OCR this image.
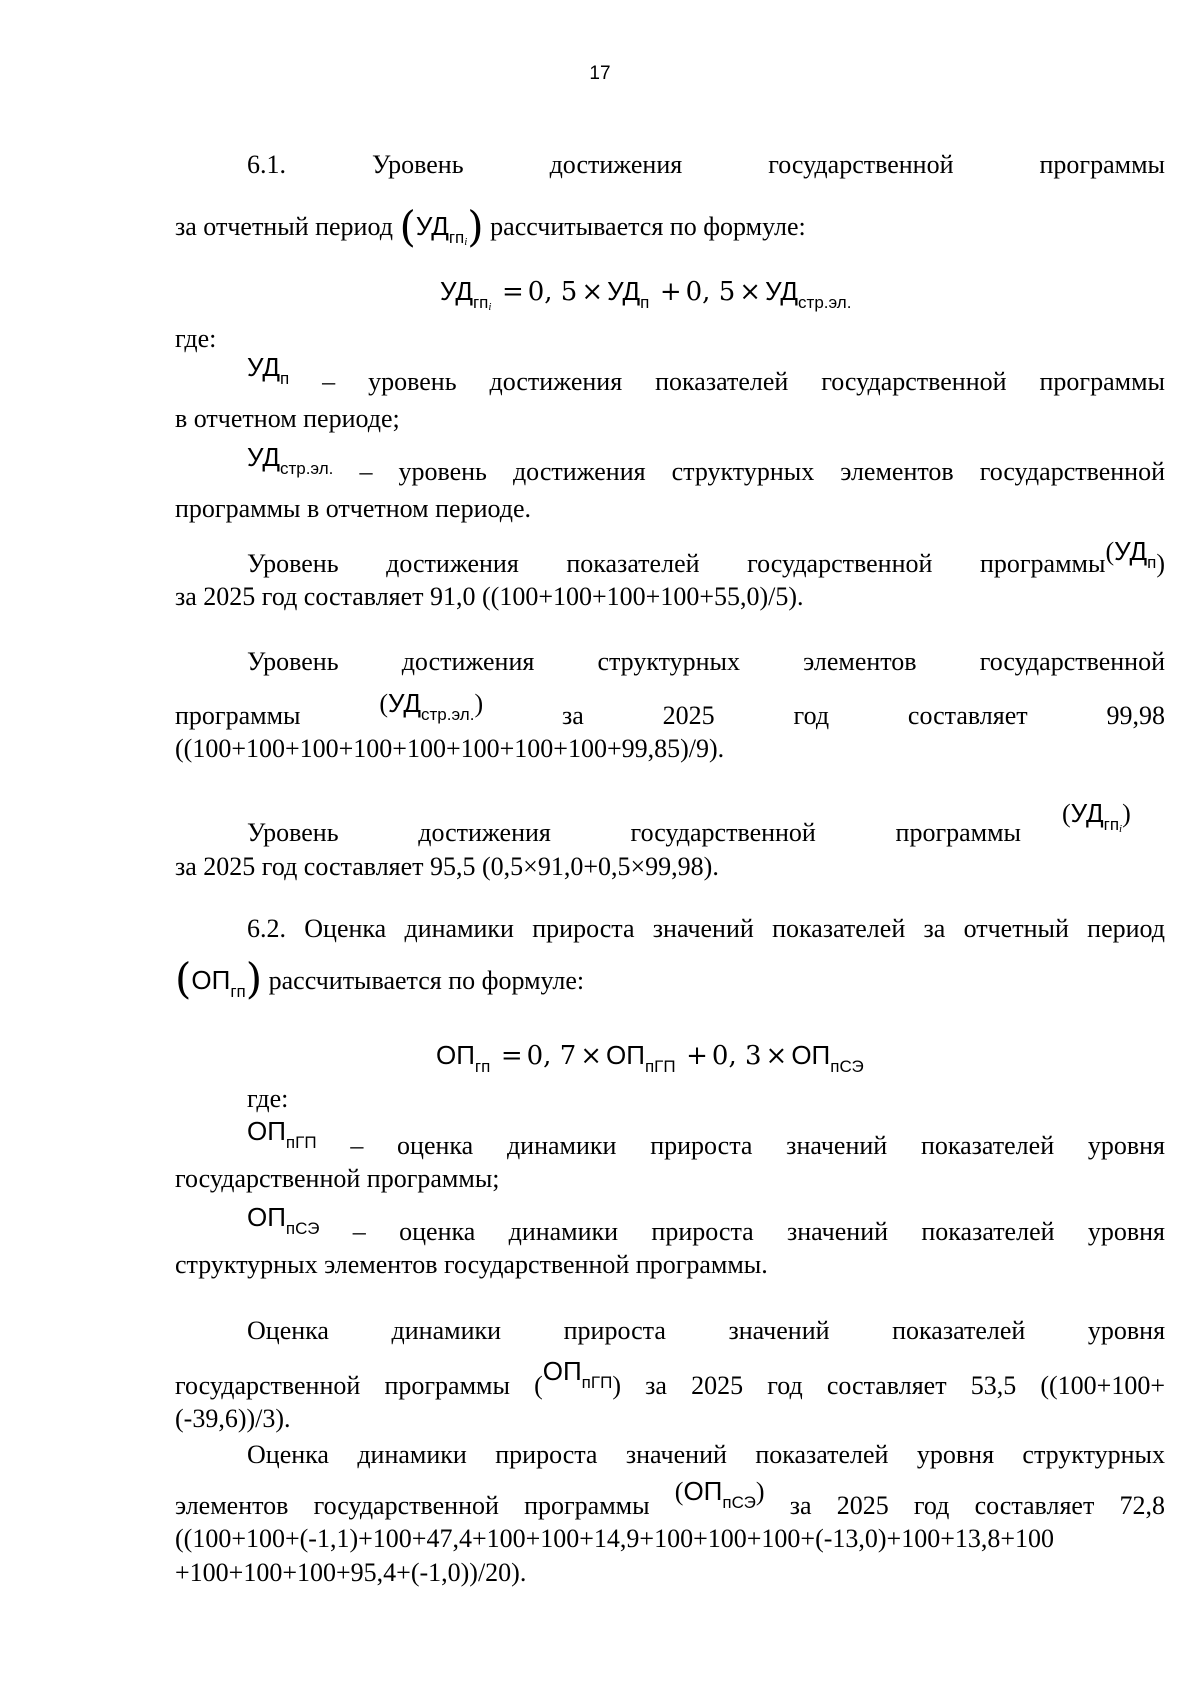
17
6.1. Уровень	достижения	государственной	программы
за отчетный период $(УД_{гпi})$ рассчитывается по формуле:
$УД_{гпi} = 0$, $5 \times УД_п + 0$, $5 \times УД_{стр.эл.}$
где:
$УД_п$ – уровень достижения показателей государственной программы
в отчетном периоде;
$УД_{стр.эл.}$ – уровень достижения структурных элементов государственной
программы в отчетном периоде.
Уровень достижения показателей государственной $программы(УД_п)$
за 2025 год составляет 91,0 ((100+100+100+100+55,0)/5).
Уровень достижения структурных элементов государственной
программы	$(УД_{стр.эл.})$	за	2025	год	составляет	99,98
((100+100+100+100+100+100+100+100+99,85)/9).
Уровень	достижения	государственной	программы
$(УД_{гпi})$
за 2025 год составляет 95,5 (0,5×91,0+0,5×99,98).
6.2. Оценка динамики прироста значений показателей за отчетный период
$(ОП_{гп})$ рассчитывается по формуле:
$ОП_{гп} = 0$, $7 \times ОП_{пГП} + 0$, $3 \times ОП_{пСЭ}$
где:
$ОП_{пГП}$ – оценка динамики прироста значений показателей уровня
государственной программы;
$ОП_{пСЭ}$ – оценка динамики прироста значений показателей уровня
структурных элементов государственной программы.
Оценка динамики прироста значений показателей уровня
государственной программы $(ОП_{пГП})$ за 2025 год составляет 53,5 ((100+100+
(-39,6))/3).
Оценка динамики прироста значений показателей уровня структурных
элементов государственной программы $(ОП_{пСЭ})$ за 2025 год составляет 72,8
((100+100+(-1,1)+100+47,4+100+100+14,9+100+100+100+(-13,0)+100+13,8+100
+100+100+100+95,4+(-1,0))/20).
